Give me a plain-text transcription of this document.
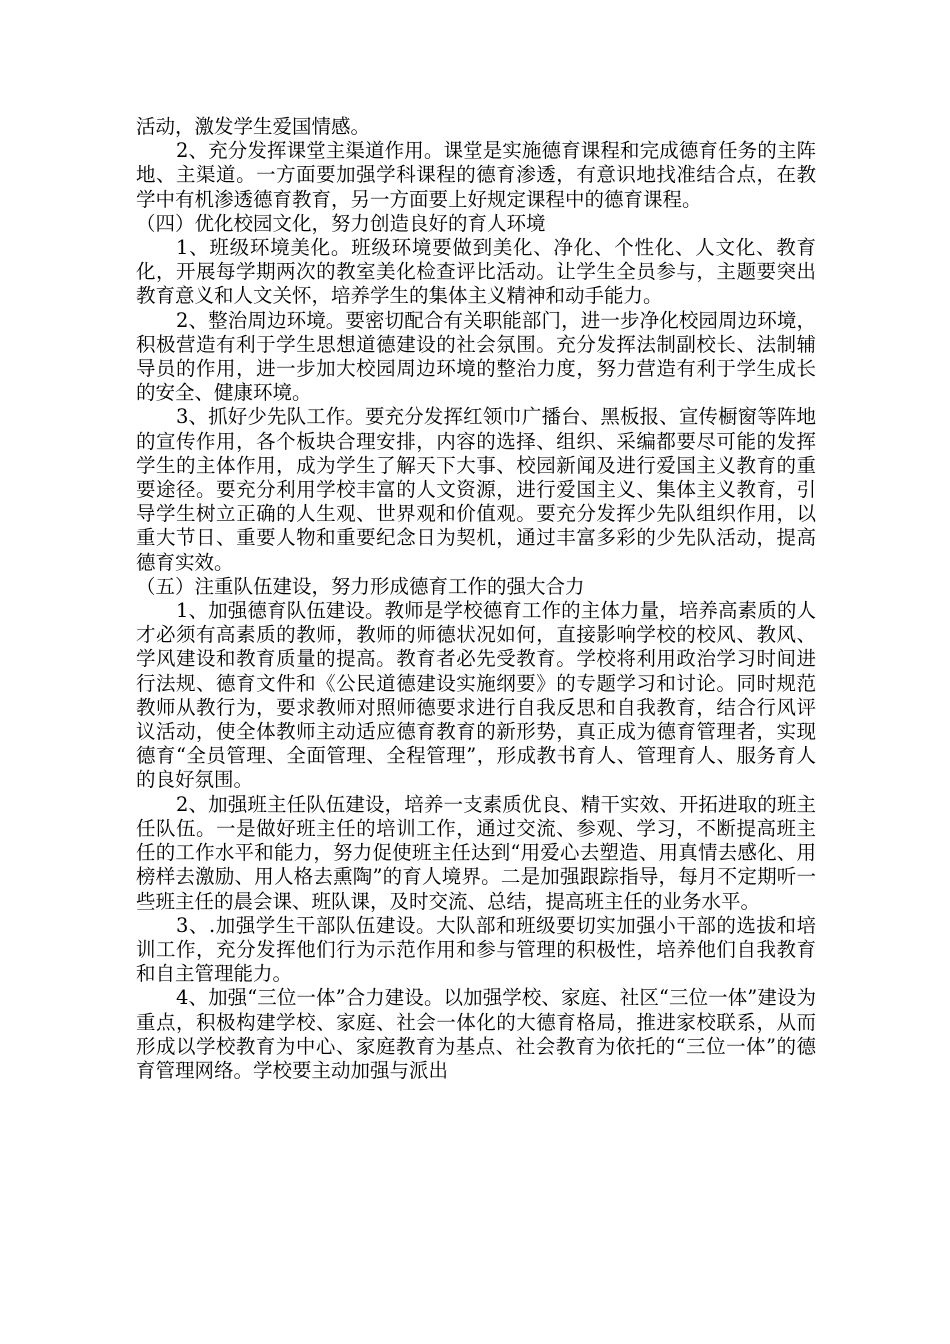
活动，激发学生爱国情感。

2、充分发挥课堂主渠道作用。课堂是实施德育课程和完成德育任务的主阵地、主渠道。一方面要加强学科课程的德育渗透，有意识地找准结合点，在教学中有机渗透德育教育，另一方面要上好规定课程中的德育课程。

（四）优化校园文化，努力创造良好的育人环境

1、班级环境美化。班级环境要做到美化、净化、个性化、人文化、教育化，开展每学期两次的教室美化检查评比活动。让学生全员参与，主题要突出教育意义和人文关怀，培养学生的集体主义精神和动手能力。

2、整治周边环境。要密切配合有关职能部门，进一步净化校园周边环境，积极营造有利于学生思想道德建设的社会氛围。充分发挥法制副校长、法制辅导员的作用，进一步加大校园周边环境的整治力度，努力营造有利于学生成长的安全、健康环境。

3、抓好少先队工作。要充分发挥红领巾广播台、黑板报、宣传橱窗等阵地的宣传作用，各个板块合理安排，内容的选择、组织、采编都要尽可能的发挥学生的主体作用，成为学生了解天下大事、校园新闻及进行爱国主义教育的重要途径。要充分利用学校丰富的人文资源，进行爱国主义、集体主义教育，引导学生树立正确的人生观、世界观和价值观。要充分发挥少先队组织作用，以重大节日、重要人物和重要纪念日为契机，通过丰富多彩的少先队活动，提高德育实效。

（五）注重队伍建设，努力形成德育工作的强大合力

1、加强德育队伍建设。教师是学校德育工作的主体力量，培养高素质的人才必须有高素质的教师，教师的师德状况如何，直接影响学校的校风、教风、学风建设和教育质量的提高。教育者必先受教育。学校将利用政治学习时间进行法规、德育文件和《公民道德建设实施纲要》的专题学习和讨论。同时规范教师从教行为，要求教师对照师德要求进行自我反思和自我教育，结合行风评议活动，使全体教师主动适应德育教育的新形势，真正成为德育管理者，实现德育“全员管理、全面管理、全程管理”，形成教书育人、管理育人、服务育人的良好氛围。

2、加强班主任队伍建设，培养一支素质优良、精干实效、开拓进取的班主任队伍。一是做好班主任的培训工作，通过交流、参观、学习，不断提高班主任的工作水平和能力，努力促使班主任达到“用爱心去塑造、用真情去感化、用榜样去激励、用人格去熏陶”的育人境界。二是加强跟踪指导，每月不定期听一些班主任的晨会课、班队课，及时交流、总结，提高班主任的业务水平。

3、.加强学生干部队伍建设。大队部和班级要切实加强小干部的选拔和培训工作，充分发挥他们行为示范作用和参与管理的积极性，培养他们自我教育和自主管理能力。

4、加强“三位一体”合力建设。以加强学校、家庭、社区“三位一体”建设为重点，积极构建学校、家庭、社会一体化的大德育格局，推进家校联系，从而形成以学校教育为中心、家庭教育为基点、社会教育为依托的“三位一体”的德育管理网络。学校要主动加强与派出
